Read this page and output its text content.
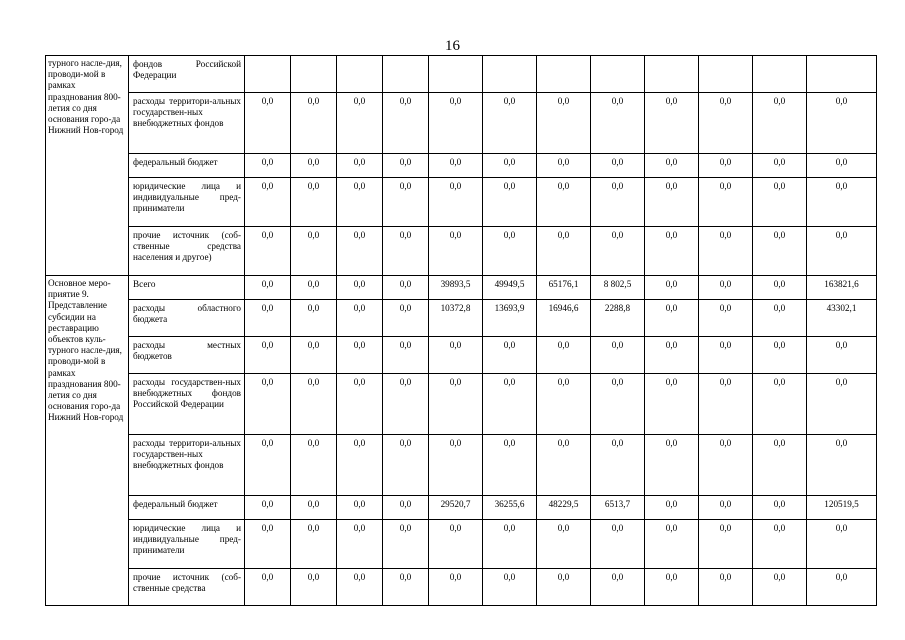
16
турного насле-дия, проводи-мой в рамках празднования 800-летия со дня основания горо-да Нижний Нов-город	фондов Российской Федерации												
	расходы территори-альных государствен-ных внебюджетных фондов	0,0	0,0	0,0	0,0	0,0	0,0	0,0	0,0	0,0	0,0	0,0	0,0
	федеральный бюджет	0,0	0,0	0,0	0,0	0,0	0,0	0,0	0,0	0,0	0,0	0,0	0,0
	юридические лица и индивидуальные пред-приниматели	0,0	0,0	0,0	0,0	0,0	0,0	0,0	0,0	0,0	0,0	0,0	0,0
	прочие источник (соб-ственные средства населения и другое)	0,0	0,0	0,0	0,0	0,0	0,0	0,0	0,0	0,0	0,0	0,0	0,0
Основное меро-приятие 9. Представление субсидии на реставрацию объектов куль-турного насле-дия, проводи-мой в рамках празднования 800-летия со дня основания горо-да Нижний Нов-город	Всего	0,0	0,0	0,0	0,0	39893,5	49949,5	65176,1	8 802,5	0,0	0,0	0,0	163821,6
	расходы областного бюджета	0,0	0,0	0,0	0,0	10372,8	13693,9	16946,6	2288,8	0,0	0,0	0,0	43302,1
	расходы местных бюджетов	0,0	0,0	0,0	0,0	0,0	0,0	0,0	0,0	0,0	0,0	0,0	0,0
	расходы государствен-ных внебюджетных фондов Российской Федерации	0,0	0,0	0,0	0,0	0,0	0,0	0,0	0,0	0,0	0,0	0,0	0,0
	расходы территори-альных государствен-ных внебюджетных фондов	0,0	0,0	0,0	0,0	0,0	0,0	0,0	0,0	0,0	0,0	0,0	0,0
	федеральный бюджет	0,0	0,0	0,0	0,0	29520,7	36255,6	48229,5	6513,7	0,0	0,0	0,0	120519,5
	юридические лица и индивидуальные пред-приниматели	0,0	0,0	0,0	0,0	0,0	0,0	0,0	0,0	0,0	0,0	0,0	0,0
	прочие источник (соб-ственные средства	0,0	0,0	0,0	0,0	0,0	0,0	0,0	0,0	0,0	0,0	0,0	0,0
